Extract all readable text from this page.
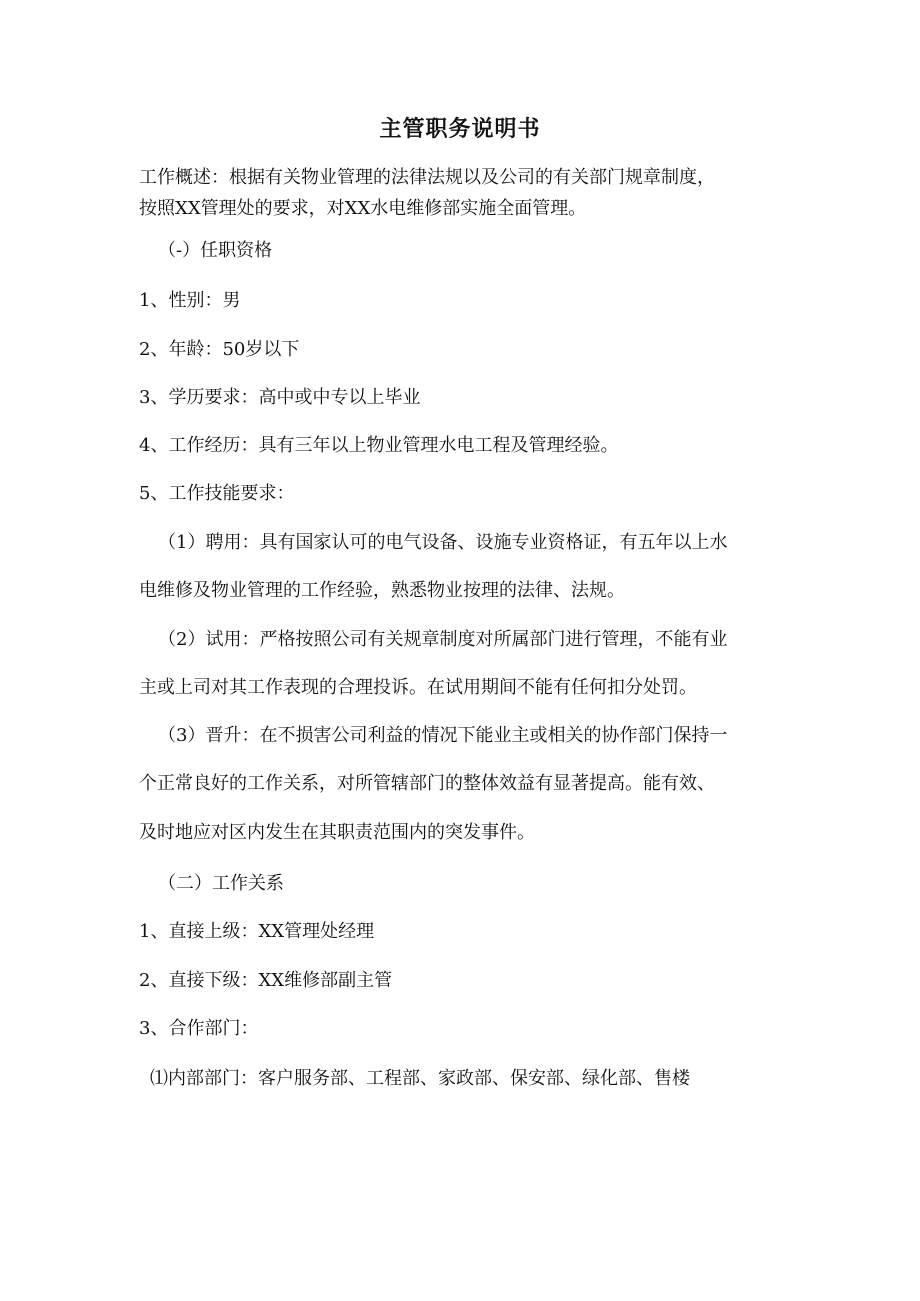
主管职务说明书

工作概述：根据有关物业管理的法律法规以及公司的有关部门规章制度，

按照XX管理处的要求，对XX水电维修部实施全面管理。

（-）任职资格

1、性别：男

2、年龄：50岁以下

3、学历要求：高中或中专以上毕业

4、工作经历：具有三年以上物业管理水电工程及管理经验。

5、工作技能要求：

（1）聘用：具有国家认可的电气设备、设施专业资格证，有五年以上水

电维修及物业管理的工作经验，熟悉物业按理的法律、法规。

（2）试用：严格按照公司有关规章制度对所属部门进行管理，不能有业

主或上司对其工作表现的合理投诉。在试用期间不能有任何扣分处罚。

（3）晋升：在不损害公司利益的情况下能业主或相关的协作部门保持一

个正常良好的工作关系，对所管辖部门的整体效益有显著提高。能有效、

及时地应对区内发生在其职责范围内的突发事件。

（二）工作关系

1、直接上级：XX管理处经理

2、直接下级：XX维修部副主管

3、合作部门：

⑴内部部门：客户服务部、工程部、家政部、保安部、绿化部、售楼
